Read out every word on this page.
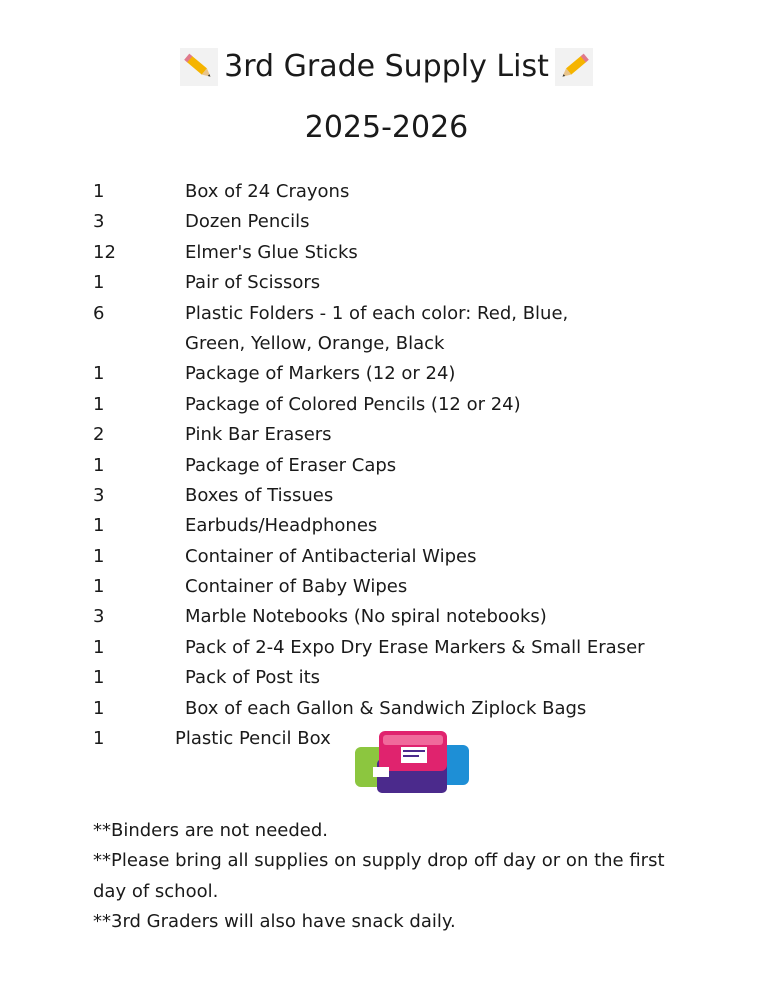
3rd Grade Supply List
2025-2026
1	Box of 24 Crayons
3	Dozen Pencils
12	Elmer's Glue Sticks
1	Pair of Scissors
6	Plastic Folders - 1 of each color: Red, Blue,
Green, Yellow, Orange, Black
1	Package of Markers (12 or 24)
1	Package of Colored Pencils (12 or 24)
2	Pink Bar Erasers
1	Package of Eraser Caps
3	Boxes of Tissues
1	Earbuds/Headphones
1	Container of Antibacterial Wipes
1	Container of Baby Wipes
3	Marble Notebooks (No spiral notebooks)
1	Pack of 2-4 Expo Dry Erase Markers & Small Eraser
1	Pack of Post its
1	Box of each Gallon & Sandwich Ziplock Bags
1	Plastic Pencil Box

**Binders are not needed.

**Please bring all supplies on supply drop off day or on the first

day of school.

**3rd Graders will also have snack daily.
